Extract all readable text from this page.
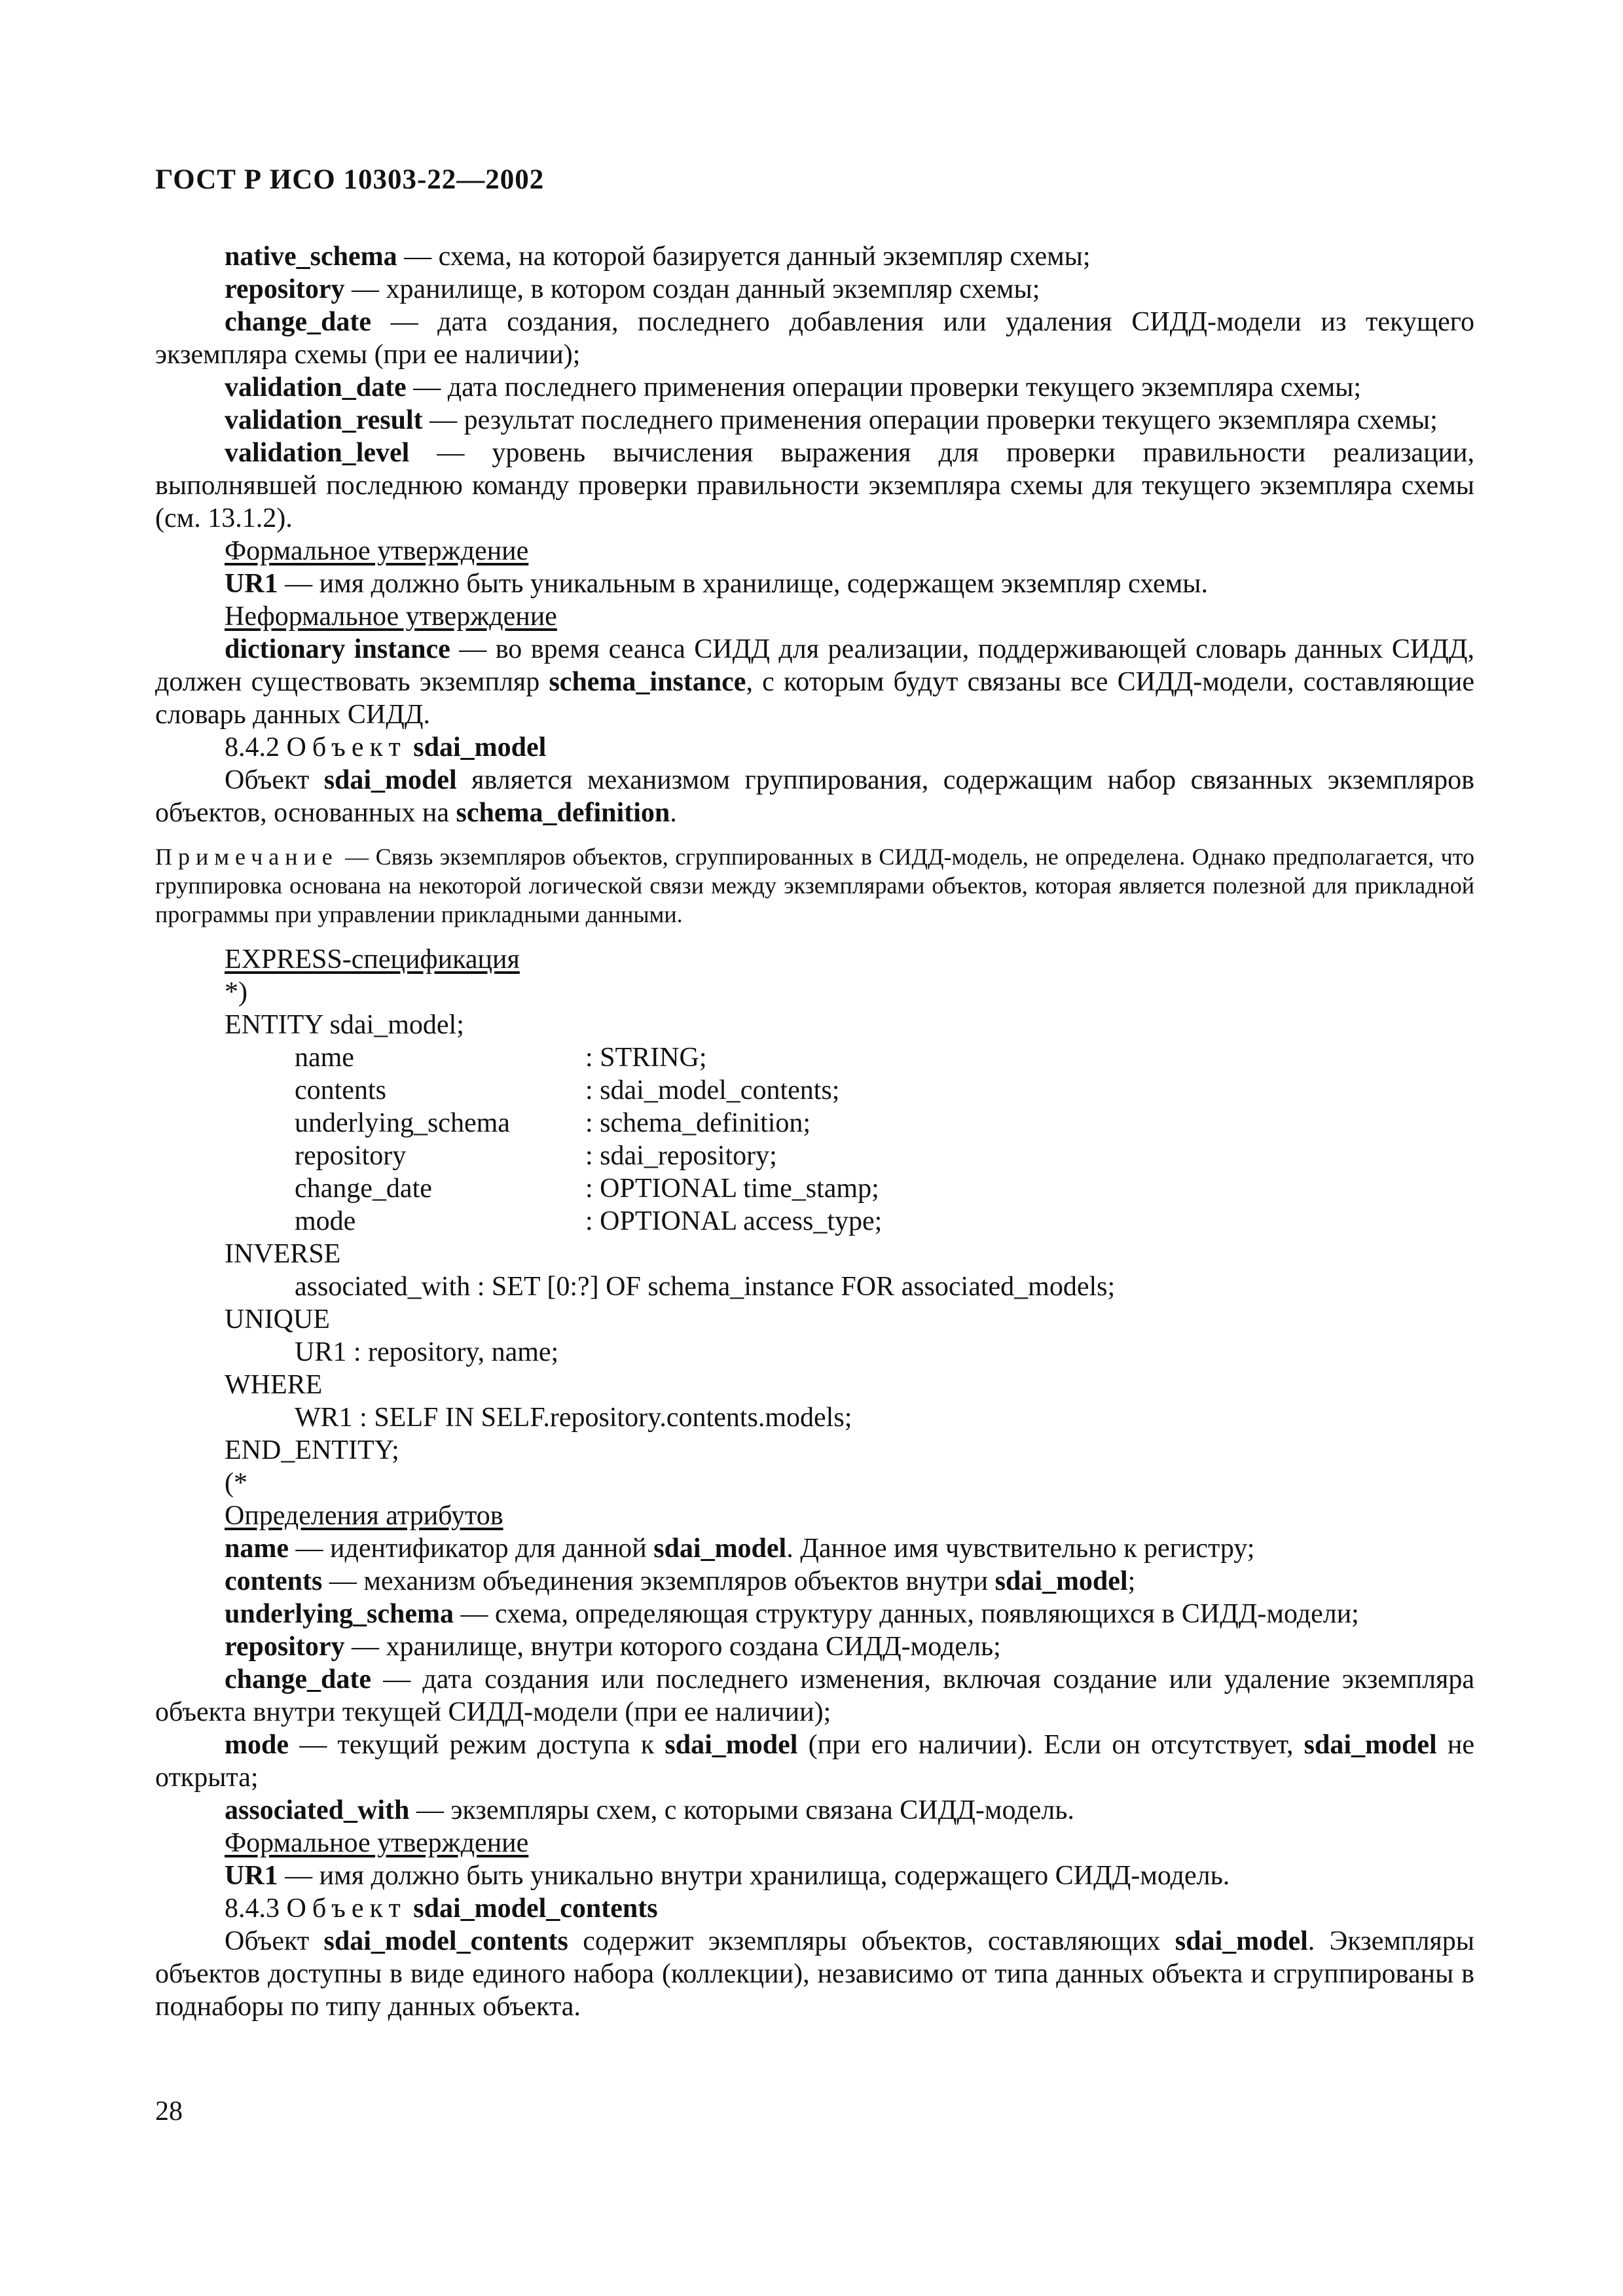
ГОСТ Р ИСО 10303-22—2002

native_schema — схема, на которой базируется данный экземпляр схемы;

repository — хранилище, в котором создан данный экземпляр схемы;

change_date — дата создания, последнего добавления или удаления СИДД-модели из текущего экземпляра схемы (при ее наличии);

validation_date — дата последнего применения операции проверки текущего экземпляра схемы;

validation_result — результат последнего применения операции проверки текущего экземпляра схемы;

validation_level — уровень вычисления выражения для проверки правильности реализации, выполнявшей последнюю команду проверки правильности экземпляра схемы для текущего экземпляра схемы (см. 13.1.2).

Формальное утверждение

UR1 — имя должно быть уникальным в хранилище, содержащем экземпляр схемы.

Неформальное утверждение

dictionary instance — во время сеанса СИДД для реализации, поддерживающей словарь данных СИДД, должен существовать экземпляр schema_instance, с которым будут связаны все СИДД-модели, составляющие словарь данных СИДД.

8.4.2 Объект sdai_model

Объект sdai_model является механизмом группирования, содержащим набор связанных экземпляров объектов, основанных на schema_definition.

Примечание — Связь экземпляров объектов, сгруппированных в СИДД-модель, не определена. Однако предполагается, что группировка основана на некоторой логической связи между экземплярами объектов, которая является полезной для прикладной программы при управлении прикладными данными.

EXPRESS-спецификация

*)

ENTITY sdai_model;

name	: STRING;

contents	: sdai_model_contents;

underlying_schema	: schema_definition;

repository	: sdai_repository;

change_date	: OPTIONAL time_stamp;

mode	: OPTIONAL access_type;

INVERSE

associated_with : SET [0:?] OF schema_instance FOR associated_models;

UNIQUE

UR1 : repository, name;

WHERE

WR1 : SELF IN SELF.repository.contents.models;

END_ENTITY;

(*

Определения атрибутов

name — идентификатор для данной sdai_model. Данное имя чувствительно к регистру;

contents — механизм объединения экземпляров объектов внутри sdai_model;

underlying_schema — схема, определяющая структуру данных, появляющихся в СИДД-модели;

repository — хранилище, внутри которого создана СИДД-модель;

change_date — дата создания или последнего изменения, включая создание или удаление экземпляра объекта внутри текущей СИДД-модели (при ее наличии);

mode — текущий режим доступа к sdai_model (при его наличии). Если он отсутствует, sdai_model не открыта;

associated_with — экземпляры схем, с которыми связана СИДД-модель.

Формальное утверждение

UR1 — имя должно быть уникально внутри хранилища, содержащего СИДД-модель.

8.4.3 Объект sdai_model_contents

Объект sdai_model_contents содержит экземпляры объектов, составляющих sdai_model. Экземпляры объектов доступны в виде единого набора (коллекции), независимо от типа данных объекта и сгруппированы в поднаборы по типу данных объекта.

28
